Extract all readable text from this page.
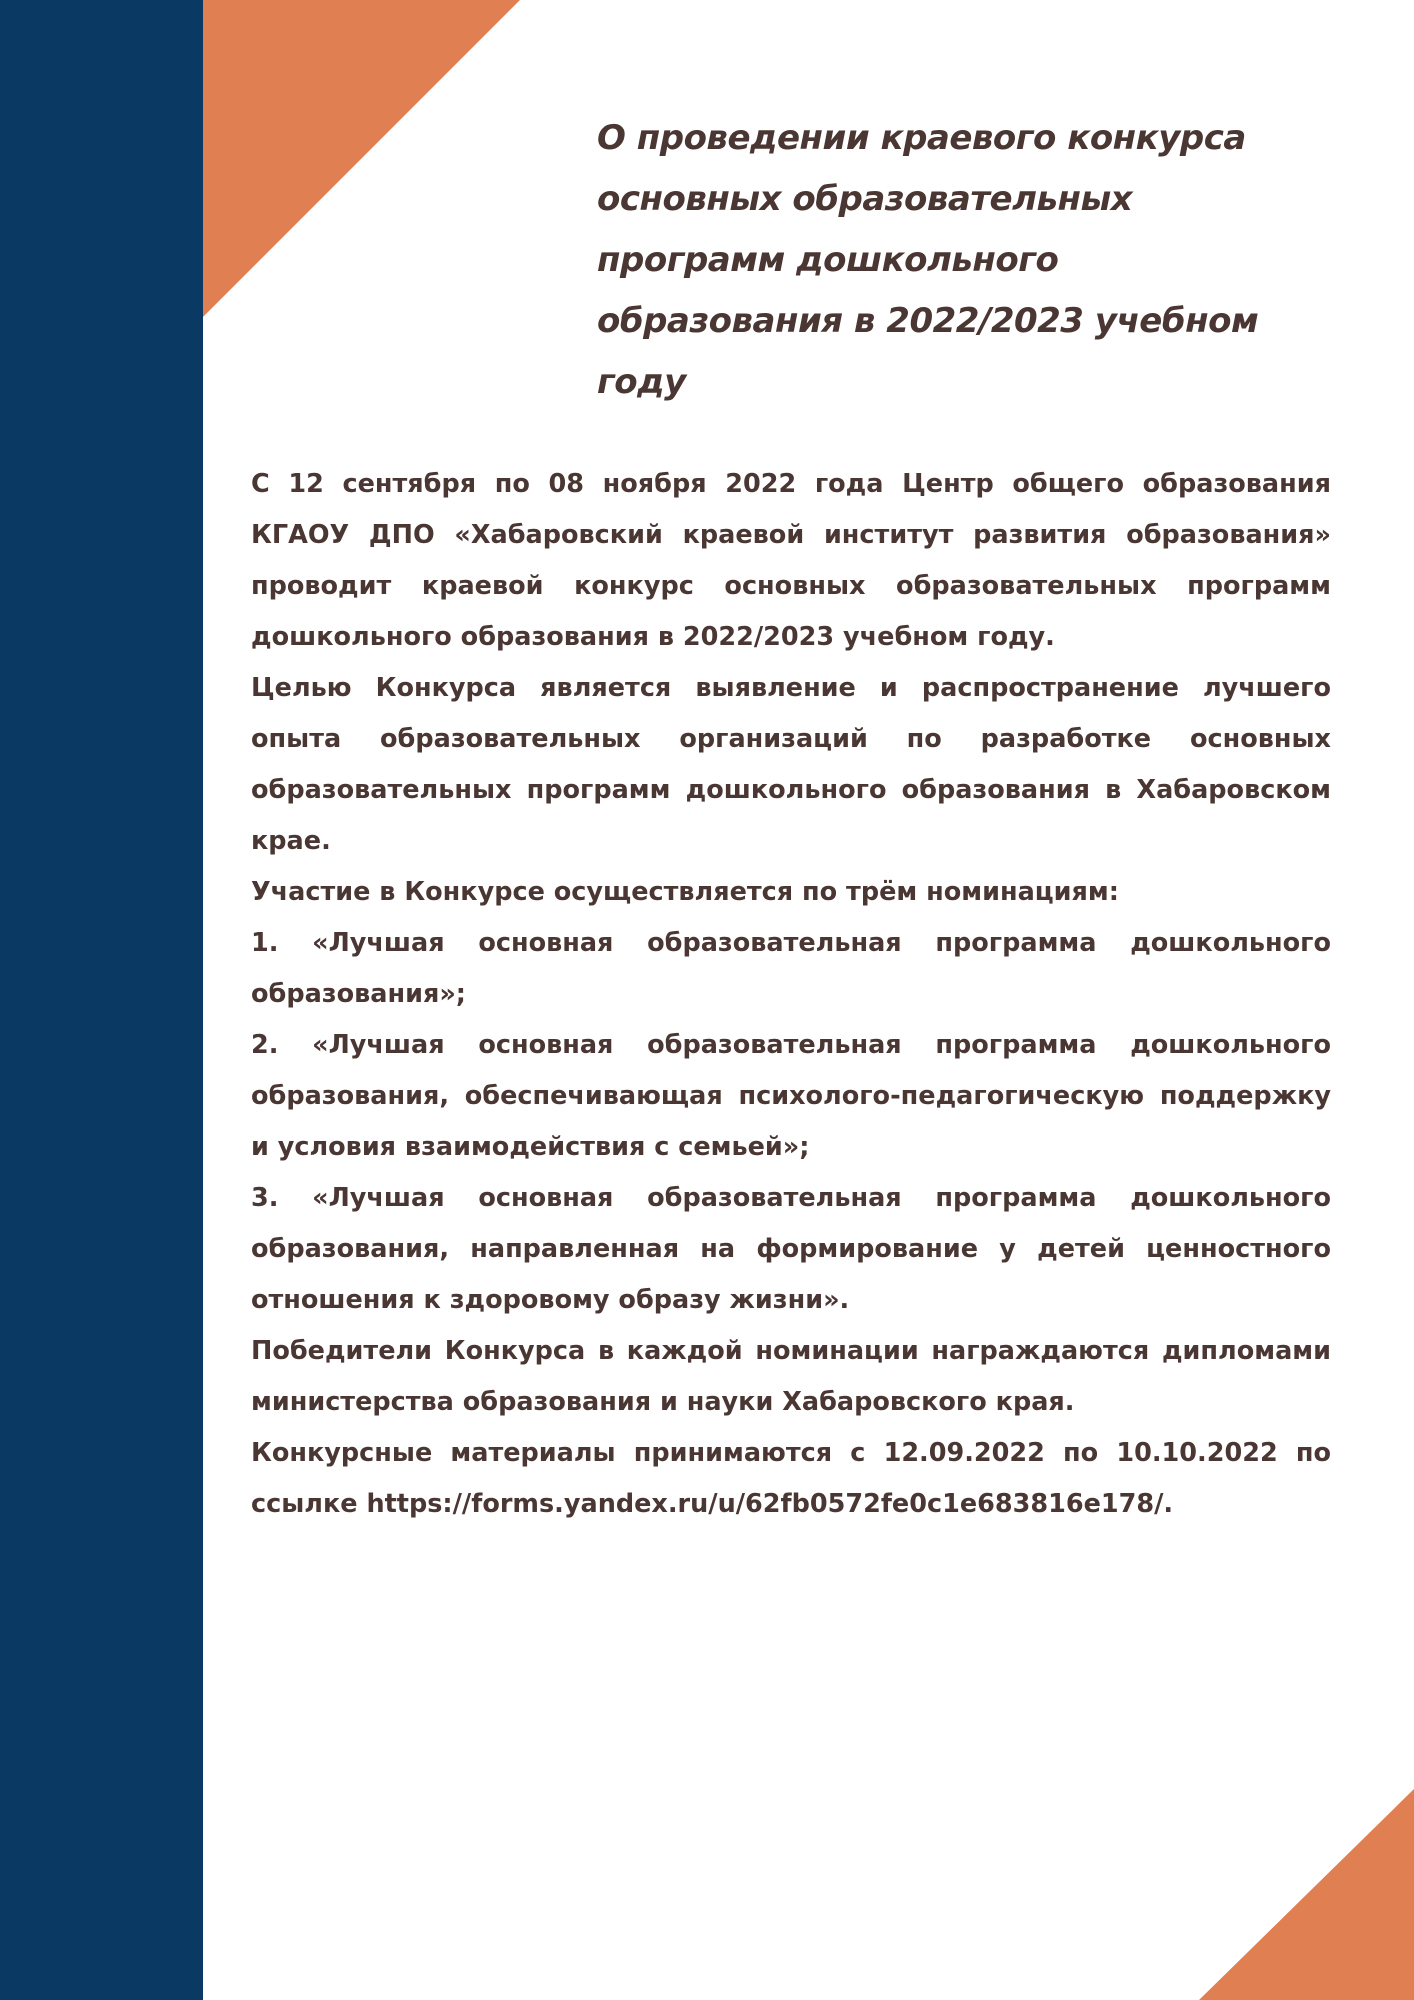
О проведении краевого конкурса основных образовательных программ дошкольного образования в 2022/2023 учебном году

С 12 сентября по 08 ноября 2022 года Центр общего образования КГАОУ ДПО «Хабаровский краевой институт развития образования» проводит краевой конкурс основных образовательных программ дошкольного образования в 2022/2023 учебном году.

Целью Конкурса является выявление и распространение лучшего опыта образовательных организаций по разработке основных образовательных программ дошкольного образования в Хабаровском крае.

Участие в Конкурсе осуществляется по трём номинациям:

1. «Лучшая основная образовательная программа дошкольного образования»;

2. «Лучшая основная образовательная программа дошкольного образования, обеспечивающая психолого-педагогическую поддержку и условия взаимодействия с семьей»;

3. «Лучшая основная образовательная программа дошкольного образования, направленная на формирование у детей ценностного отношения к здоровому образу жизни».

Победители Конкурса в каждой номинации награждаются дипломами министерства образования и науки Хабаровского края.

Конкурсные материалы принимаются с 12.09.2022 по 10.10.2022 по ссылке https://forms.yandex.ru/u/62fb0572fe0c1e683816e178/.
